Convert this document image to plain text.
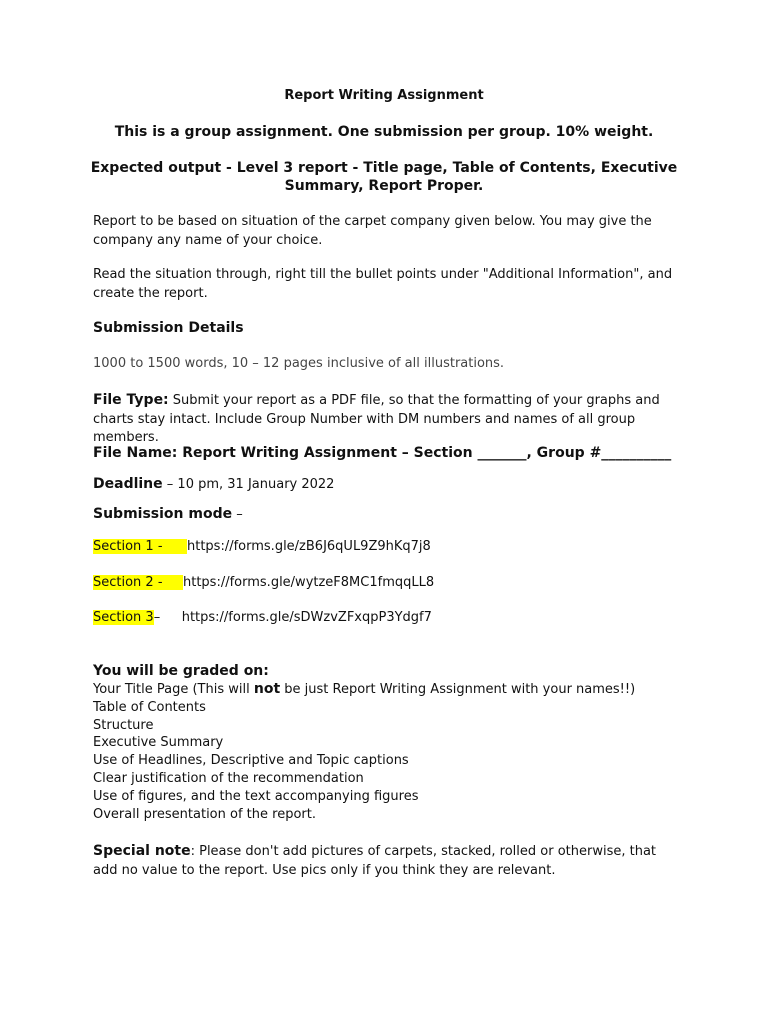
Report Writing Assignment
This is a group assignment. One submission per group. 10% weight.
Expected output - Level 3 report - Title page, Table of Contents, Executive
Summary, Report Proper.
Report to be based on situation of the carpet company given below. You may give the company any name of your choice.
Read the situation through, right till the bullet points under "Additional Information", and create the report.
Submission Details
1000 to 1500 words, 10 – 12 pages inclusive of all illustrations.
File Type: Submit your report as a PDF file, so that the formatting of your graphs and charts stay intact. Include Group Number with DM numbers and names of all group members.
File Name: Report Writing Assignment – Section _______, Group #__________
Deadline – 10 pm, 31 January 2022
Submission mode –
Section 1 - https://forms.gle/zB6J6qUL9Z9hKq7j8
Section 2 - https://forms.gle/wytzeF8MC1fmqqLL8
Section 3– https://forms.gle/sDWzvZFxqpP3Ydgf7
You will be graded on:
Your Title Page (This will not be just Report Writing Assignment with your names!!)
Table of Contents
Structure
Executive Summary
Use of Headlines, Descriptive and Topic captions
Clear justification of the recommendation
Use of figures, and the text accompanying figures
Overall presentation of the report.
Special note: Please don't add pictures of carpets, stacked, rolled or otherwise, that add no value to the report. Use pics only if you think they are relevant.
